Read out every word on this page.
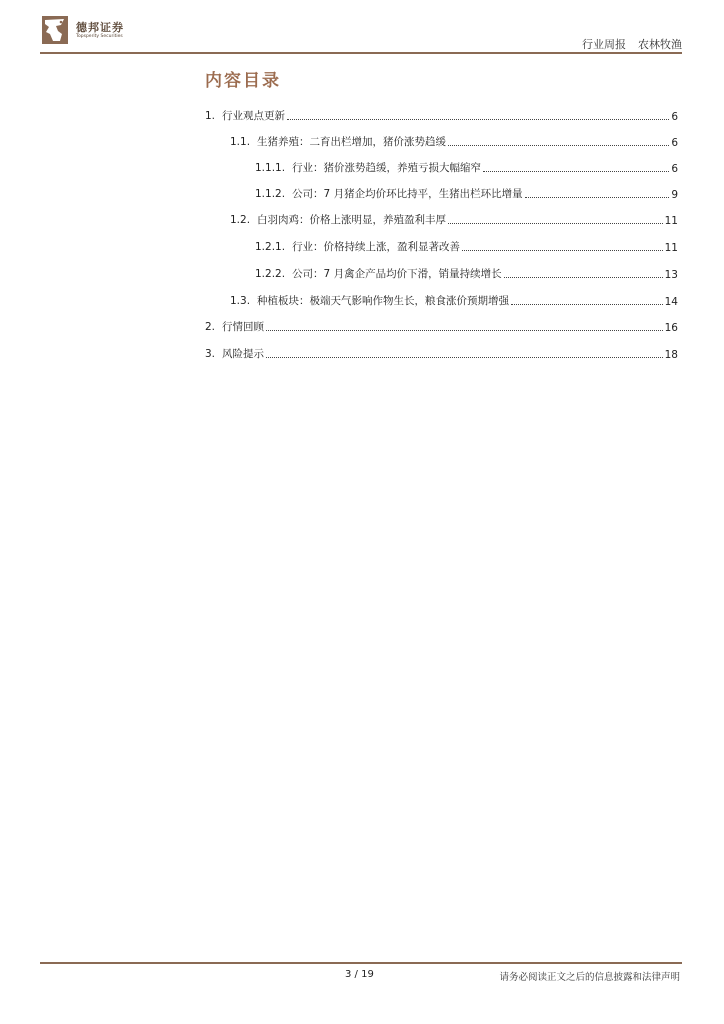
德邦证券
Topsperity Securities
行业周报 农林牧渔
内容目录
1. 行业观点更新	6
1.1. 生猪养殖：二育出栏增加，猪价涨势趋缓	6
1.1.1. 行业：猪价涨势趋缓，养殖亏损大幅缩窄	6
1.1.2. 公司：7 月猪企均价环比持平，生猪出栏环比增量	9
1.2. 白羽肉鸡：价格上涨明显，养殖盈利丰厚	11
1.2.1. 行业：价格持续上涨，盈利显著改善	11
1.2.2. 公司：7 月禽企产品均价下滑，销量持续增长	13
1.3. 种植板块：极端天气影响作物生长，粮食涨价预期增强	14
2. 行情回顾	16
3. 风险提示	18
3 / 19	请务必阅读正文之后的信息披露和法律声明
